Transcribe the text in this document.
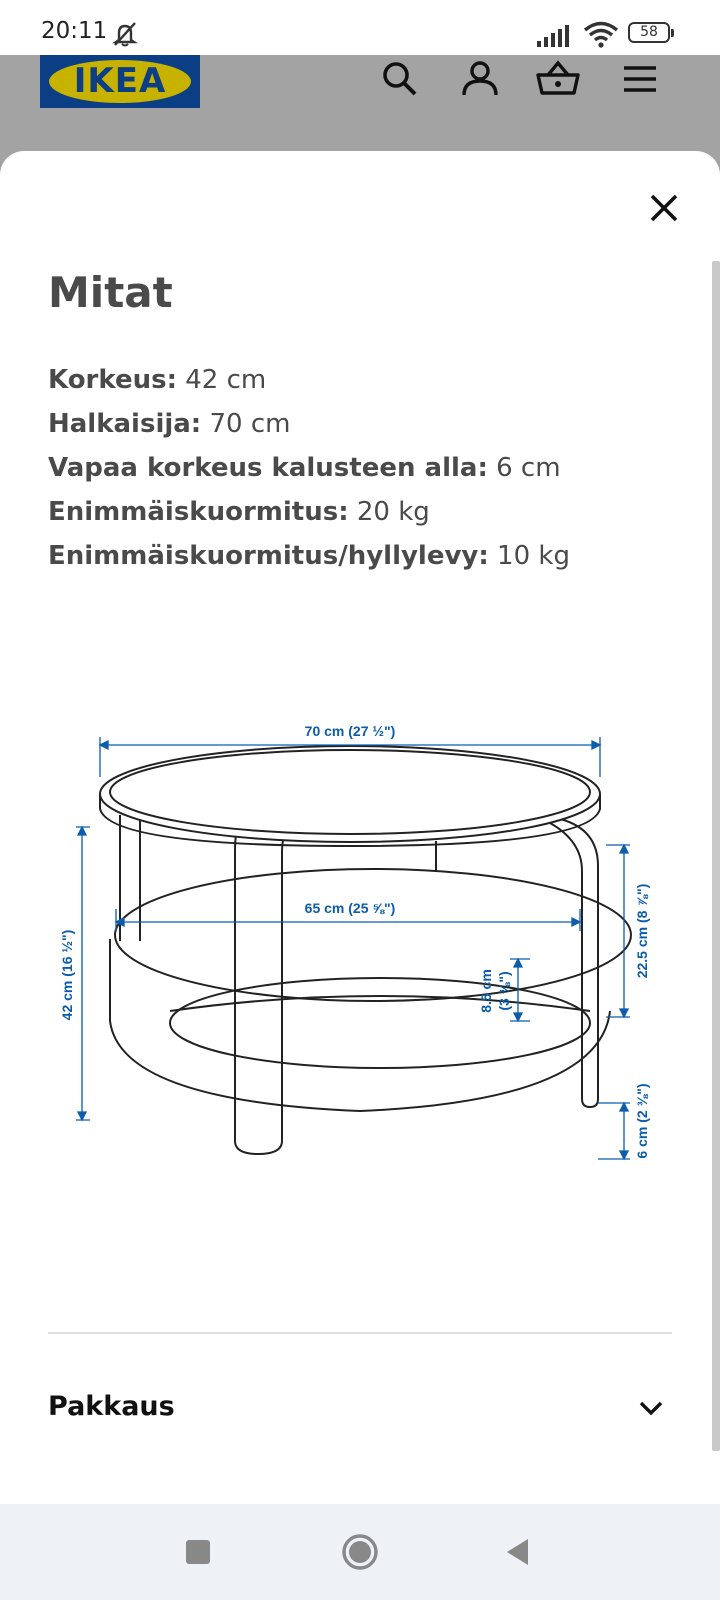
20:11	58
IKEA
Mitat
Korkeus: 42 cm
Halkaisija: 70 cm
Vapaa korkeus kalusteen alla: 6 cm
Enimmäiskuormitus: 20 kg
Enimmäiskuormitus/hyllylevy: 10 kg
70 cm (27 ½")
65 cm (25 ⅝")
42 cm (16 ½")	22.5 cm (8 ⅞")
8.5 cm (3 ⅜")
6 cm (2 ⅜")
Pakkaus
